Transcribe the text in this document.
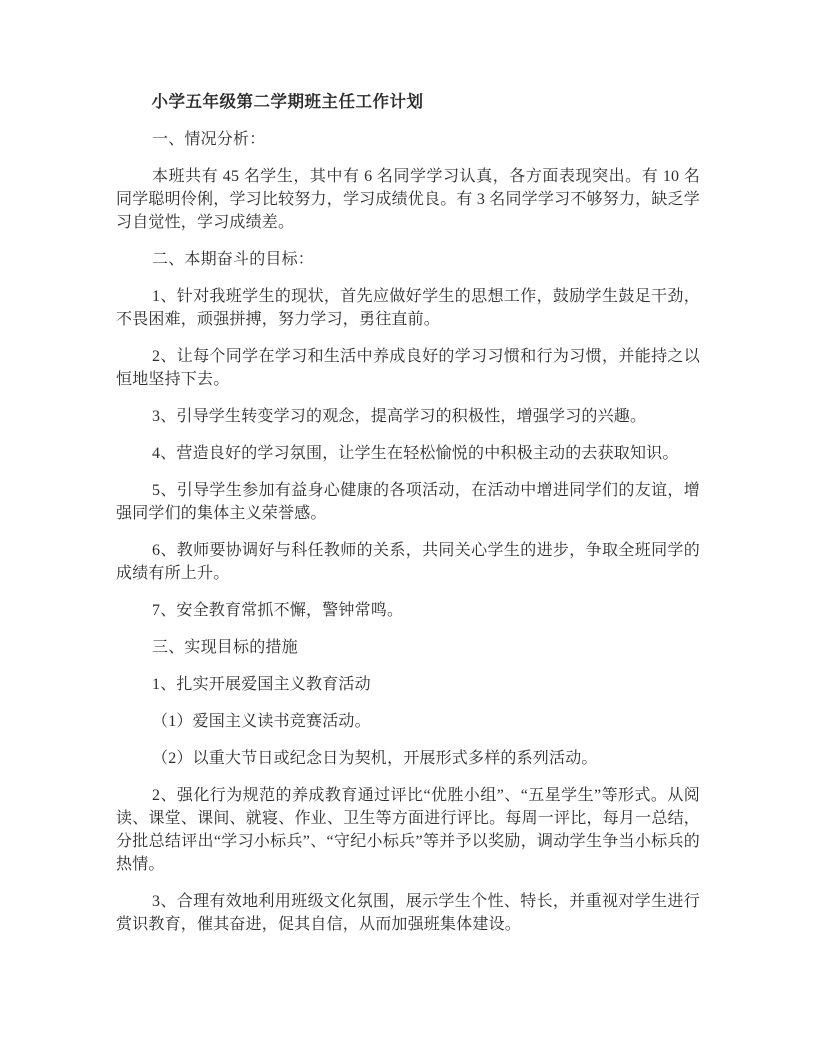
小学五年级第二学期班主任工作计划

一、情况分析：

本班共有 45 名学生，其中有 6 名同学学习认真，各方面表现突出。有 10 名同学聪明伶俐，学习比较努力，学习成绩优良。有 3 名同学学习不够努力，缺乏学习自觉性，学习成绩差。

二、本期奋斗的目标：

1、针对我班学生的现状，首先应做好学生的思想工作，鼓励学生鼓足干劲，不畏困难，顽强拼搏，努力学习，勇往直前。

2、让每个同学在学习和生活中养成良好的学习习惯和行为习惯，并能持之以恒地坚持下去。

3、引导学生转变学习的观念，提高学习的积极性，增强学习的兴趣。

4、营造良好的学习氛围，让学生在轻松愉悦的中积极主动的去获取知识。

5、引导学生参加有益身心健康的各项活动，在活动中增进同学们的友谊，增强同学们的集体主义荣誉感。

6、教师要协调好与科任教师的关系，共同关心学生的进步，争取全班同学的成绩有所上升。

7、安全教育常抓不懈，警钟常鸣。

三、实现目标的措施

1、扎实开展爱国主义教育活动

（1）爱国主义读书竞赛活动。

（2）以重大节日或纪念日为契机，开展形式多样的系列活动。

2、强化行为规范的养成教育通过评比“优胜小组”、“五星学生”等形式。从阅读、课堂、课间、就寝、作业、卫生等方面进行评比。每周一评比，每月一总结，分批总结评出“学习小标兵”、“守纪小标兵”等并予以奖励，调动学生争当小标兵的热情。

3、合理有效地利用班级文化氛围，展示学生个性、特长，并重视对学生进行赏识教育，催其奋进，促其自信，从而加强班集体建设。
